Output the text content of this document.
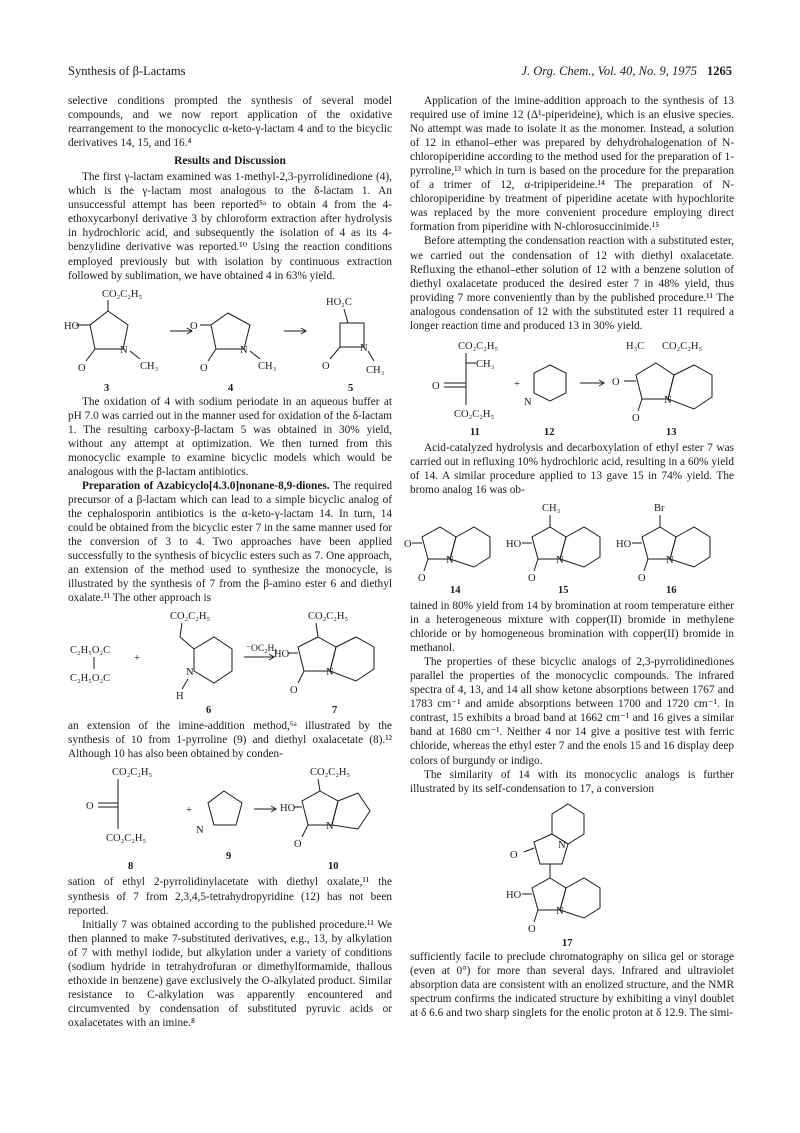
Synthesis of β-Lactams	J. Org. Chem., Vol. 40, No. 9, 1975 1265

selective conditions prompted the synthesis of several model compounds, and we now report application of the oxidative rearrangement to the monocyclic α-keto-γ-lactam 4 and to the bicyclic derivatives 14, 15, and 16.⁴

Results and Discussion

The first γ-lactam examined was 1-methyl-2,3-pyrrolidinedione (4), which is the γ-lactam most analogous to the δ-lactam 1. An unsuccessful attempt has been reported⁵ᵃ to obtain 4 from the 4-ethoxycarbonyl derivative 3 by chloroform extraction after hydrolysis in hydrochloric acid, and subsequently the isolation of 4 as its 4-benzylidine derivative was reported.¹⁰ Using the reaction conditions employed previously but with isolation by continuous extraction followed by sublimation, we have obtained 4 in 63% yield.

CO₂C₂H₅
HO
O
N
CH₃
3
O
O
N
CH₃
4
HO₂C
O
N
CH₃
5

The oxidation of 4 with sodium periodate in an aqueous buffer at pH 7.0 was carried out in the manner used for oxidation of the δ-lactam 1. The resulting carboxy-β-lactam 5 was obtained in 30% yield, without any attempt at optimization. We then turned from this monocyclic example to examine bicyclic models which would be analogous with the β-lactam antibiotics.

Preparation of Azabicyclo[4.3.0]nonane-8,9-diones. The required precursor of a β-lactam which can lead to a simple bicyclic analog of the cephalosporin antibiotics is the α-keto-γ-lactam 14. In turn, 14 could be obtained from the bicyclic ester 7 in the same manner used for the conversion of 3 to 4. Two approaches have been applied successfully to the synthesis of bicyclic esters such as 7. One approach, an extension of the method used to synthesize the monocycle, is illustrated by the synthesis of 7 from the β-amino ester 6 and diethyl oxalate.¹¹ The other approach is

C₂H₅O₂C
C₂H₅O₂C
+
CO₂C₂H₅
N
H
6
⁻OC₂H₅
CO₂C₂H₅
HO
O
N
7

an extension of the imine-addition method,⁶ᵃ illustrated by the synthesis of 10 from 1-pyrroline (9) and diethyl oxalacetate (8).¹² Although 10 has also been obtained by conden-

CO₂C₂H₅
O
CO₂C₂H₅
8
+
N
9
CO₂C₂H₅
HO
O
N
10

sation of ethyl 2-pyrrolidinylacetate with diethyl oxalate,¹¹ the synthesis of 7 from 2,3,4,5-tetrahydropyridine (12) has not been reported.

Initially 7 was obtained according to the published procedure.¹¹ We then planned to make 7-substituted derivatives, e.g., 13, by alkylation of 7 with methyl iodide, but alkylation under a variety of conditions (sodium hydride in tetrahydrofuran or dimethylformamide, thallous ethoxide in benzene) gave exclusively the O-alkylated product. Similar resistance to C-alkylation was apparently encountered and circumvented by condensation of substituted pyruvic acids or oxalacetates with an imine.⁸

Application of the imine-addition approach to the synthesis of 13 required use of imine 12 (Δ¹-piperideine), which is an elusive species. No attempt was made to isolate it as the monomer. Instead, a solution of 12 in ethanol–ether was prepared by dehydrohalogenation of N-chloropiperidine according to the method used for the preparation of 1-pyrroline,¹³ which in turn is based on the procedure for the preparation of a trimer of 12, α-tripiperideine.¹⁴ The preparation of N-chloropiperidine by treatment of piperidine acetate with hypochlorite was replaced by the more convenient procedure employing direct formation from piperidine with N-chlorosuccinimide.¹⁵

Before attempting the condensation reaction with a substituted ester, we carried out the condensation of 12 with diethyl oxalacetate. Refluxing the ethanol–ether solution of 12 with a benzene solution of diethyl oxalacetate produced the desired ester 7 in 48% yield, thus providing 7 more conveniently than by the published procedure.¹¹ The analogous condensation of 12 with the substituted ester 11 required a longer reaction time and produced 13 in 30% yield.

CO₂C₂H₅
CH₃
O
CO₂C₂H₅
11
+
N
12
H₃C CO₂C₂H₅
O
O
N
13

Acid-catalyzed hydrolysis and decarboxylation of ethyl ester 7 was carried out in refluxing 10% hydrochloric acid, resulting in a 60% yield of 14. A similar procedure applied to 13 gave 15 in 74% yield. The bromo analog 16 was ob-

O
O
N
14
CH₃
HO
O
N
15
Br
HO
O
N
16

tained in 80% yield from 14 by bromination at room temperature either in a heterogeneous mixture with copper(II) bromide in methylene chloride or by homogeneous bromination with copper(II) bromide in methanol.

The properties of these bicyclic analogs of 2,3-pyrrolidinediones parallel the properties of the monocyclic compounds. The infrared spectra of 4, 13, and 14 all show ketone absorptions between 1767 and 1783 cm⁻¹ and amide absorptions between 1700 and 1720 cm⁻¹. In contrast, 15 exhibits a broad band at 1662 cm⁻¹ and 16 gives a similar band at 1680 cm⁻¹. Neither 4 nor 14 give a positive test with ferric chloride, whereas the ethyl ester 7 and the enols 15 and 16 display deep colors of burgundy or indigo.

The similarity of 14 with its monocyclic analogs is further illustrated by its self-condensation to 17, a conversion

O
N
HO
O
N
17

sufficiently facile to preclude chromatography on silica gel or storage (even at 0°) for more than several days. Infrared and ultraviolet absorption data are consistent with an enolized structure, and the NMR spectrum confirms the indicated structure by exhibiting a vinyl doublet at δ 6.6 and two sharp singlets for the enolic proton at δ 12.9. The simi-
